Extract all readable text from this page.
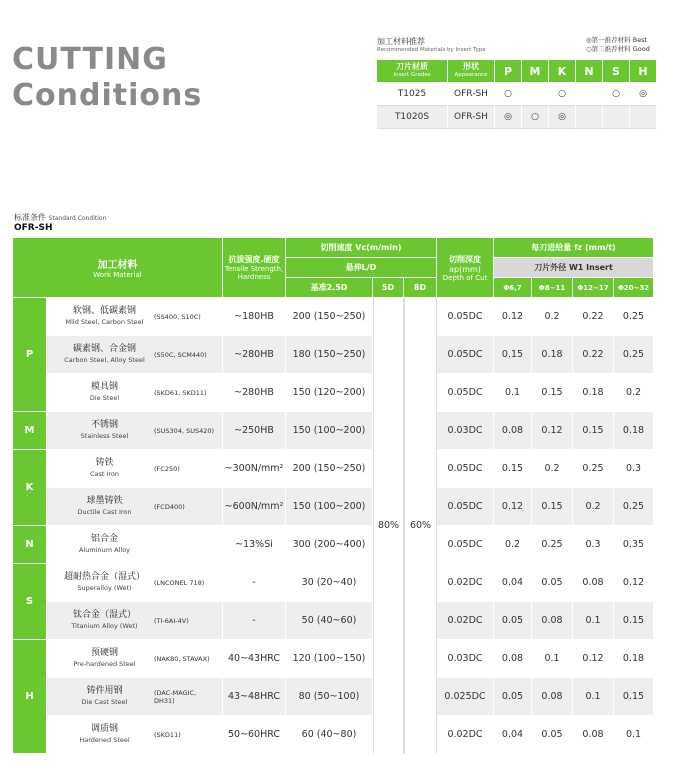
CUTTING
Conditions
加工材料推荐
Recommended Materials by Insert Type
◎第一推荐材料 Best
○第二推荐材料 Good
刀片材质
Insert Grades	形状
Appearance	P	M	K	N	S	H
T1025	OFR-SH	○		○		○	◎
T1020S	OFR-SH	◎	○	◎			
标准条件 Standard Condition
OFR-SH
加工材料
Work Material		抗拔强度.硬度
Tensile Strength,
Hardness	切削速度 Vc(m/min)			切削深度
ap(mm)
Depth of Cut	每刃进给量 fz (mm/t)			
			悬伸L/D				刀片外径 W1 Insert			
			基准2.5D	5D	8D		Φ6,7	Φ8~11	Φ12~17	Φ20~32
P	软钢、低碳素钢
Mild Steel, Carbon Steel
(SS400, S10C)	~180HB	200 (150~250)	80%	60%	0.05DC	0.12	0.2	0.22	0.25

	碳素钢、合金钢
Carbon Steel, Alloy Steel
(S50C, SCM440)	~280HB	180 (150~250)			0.05DC	0.15	0.18	0.22	0.25

	模具钢
Die Steel
(SKD61, SKD11)	~280HB	150 (120~200)			0.05DC	0.1	0.15	0.18	0.2
M	不锈钢
Stainless Steel
(SUS304, SUS420)	~250HB	150 (100~200)			0.03DC	0.08	0.12	0.15	0.18
K	铸铁
Cast Iron
(FC250)	~300N/mm²	200 (150~250)			0.05DC	0.15	0.2	0.25	0.3

	球墨铸铁
Ductile Cast Iron
(FCD400)	~600N/mm²	150 (100~200)			0.05DC	0.12	0.15	0.2	0.25
N	铝合金
Aluminum Alloy	~13%Si	300 (200~400)			0.05DC	0.2	0.25	0.3	0.35
S	超耐热合金（湿式）
Superalloy (Wet)
(LNCONEL 718)	-	30 (20~40)			0.02DC	0.04	0.05	0.08	0.12

	钛合金（湿式）
Titanium Alloy (Wet)
(TI-6AI-4V)	-	50 (40~60)			0.02DC	0.05	0.08	0.1	0.15
H	预硬钢
Pre-hardened Steel
(NAK80, STAVAX)	40~43HRC	120 (100~150)			0.03DC	0.08	0.1	0.12	0.18

	铸件用钢
Die Cast Steel
(DAC-MAGIC, DH31)	43~48HRC	80 (50~100)			0.025DC	0.05	0.08	0.1	0.15

	调质钢
Hardened Steel
(SKD11)	50~60HRC	60 (40~80)			0.02DC	0.04	0.05	0.08	0.1
